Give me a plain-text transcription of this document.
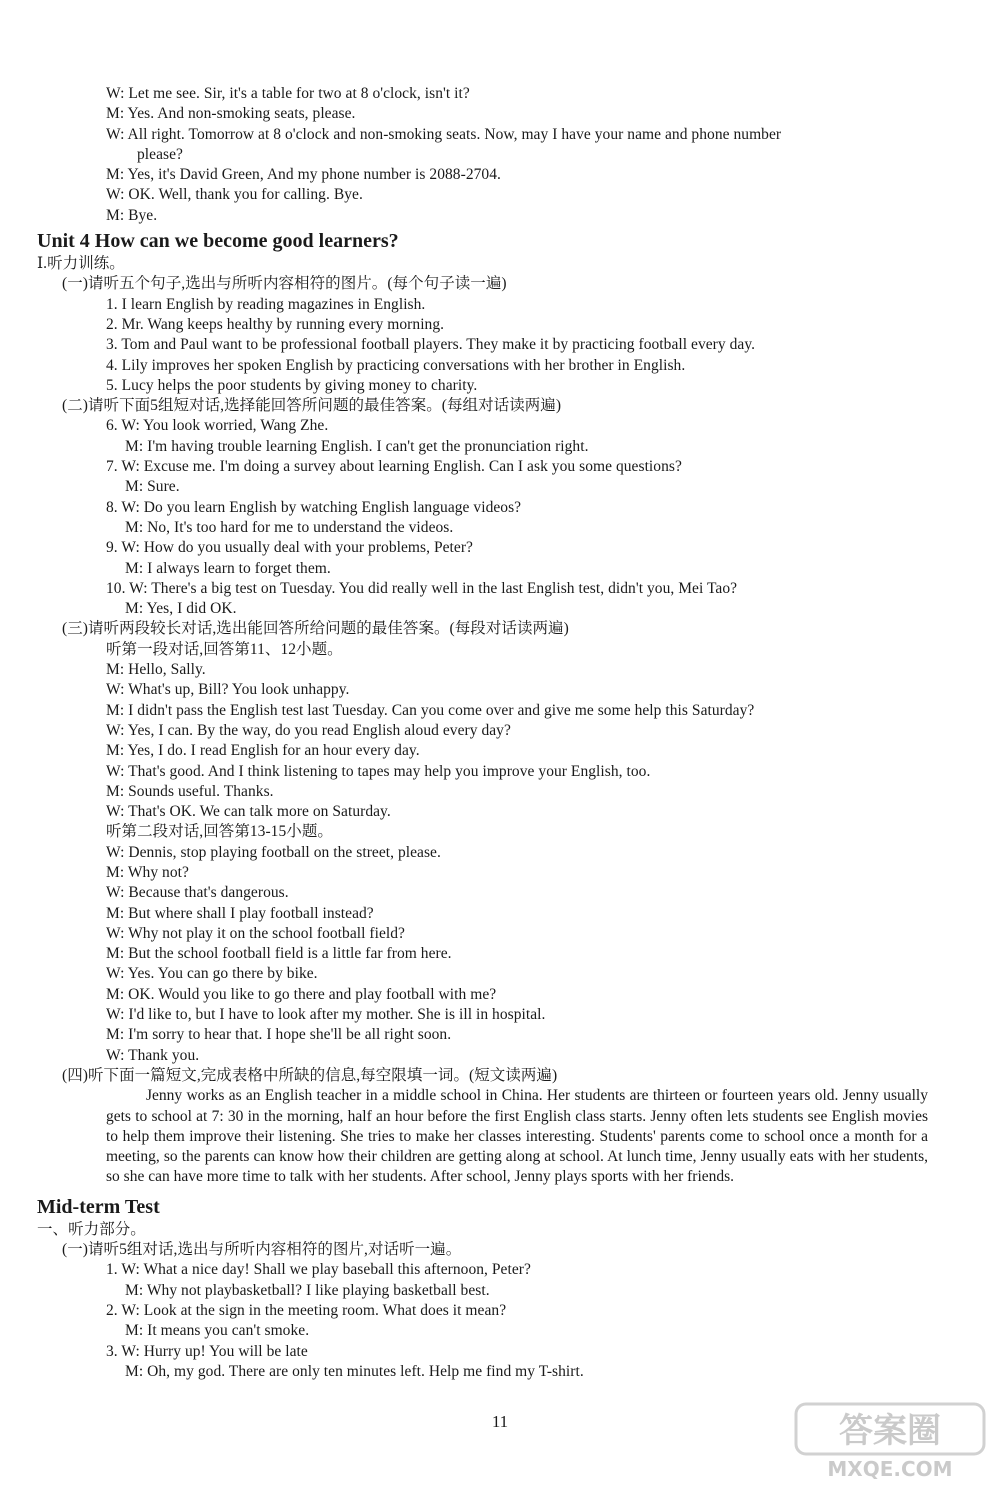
W: Let me see. Sir, it's a table for two at 8 o'clock, isn't it?
M: Yes. And non-smoking seats, please.
W: All right. Tomorrow at 8 o'clock and non-smoking seats. Now, may I have your name and phone number
please?
M: Yes, it's David Green, And my phone number is 2088-2704.
W: OK. Well, thank you for calling. Bye.
M: Bye.
Unit 4 How can we become good learners?
Ⅰ.听力训练。
(一)请听五个句子,选出与所听内容相符的图片。(每个句子读一遍)
1. I learn English by reading magazines in English.
2. Mr. Wang keeps healthy by running every morning.
3. Tom and Paul want to be professional football players. They make it by practicing football every day.
4. Lily improves her spoken English by practicing conversations with her brother in English.
5. Lucy helps the poor students by giving money to charity.
(二)请听下面5组短对话,选择能回答所问题的最佳答案。(每组对话读两遍)
6. W: You look worried, Wang Zhe.
M: I'm having trouble learning English. I can't get the pronunciation right.
7. W: Excuse me. I'm doing a survey about learning English. Can I ask you some questions?
M: Sure.
8. W: Do you learn English by watching English language videos?
M: No, It's too hard for me to understand the videos.
9. W: How do you usually deal with your problems, Peter?
M: I always learn to forget them.
10. W: There's a big test on Tuesday. You did really well in the last English test, didn't you, Mei Tao?
M: Yes, I did OK.
(三)请听两段较长对话,选出能回答所给问题的最佳答案。(每段对话读两遍)
听第一段对话,回答第11、12小题。
M: Hello, Sally.
W: What's up, Bill? You look unhappy.
M: I didn't pass the English test last Tuesday. Can you come over and give me some help this Saturday?
W: Yes, I can. By the way, do you read English aloud every day?
M: Yes, I do. I read English for an hour every day.
W: That's good. And I think listening to tapes may help you improve your English, too.
M: Sounds useful. Thanks.
W: That's OK. We can talk more on Saturday.
听第二段对话,回答第13-15小题。
W: Dennis, stop playing football on the street, please.
M: Why not?
W: Because that's dangerous.
M: But where shall I play football instead?
W: Why not play it on the school football field?
M: But the school football field is a little far from here.
W: Yes. You can go there by bike.
M: OK. Would you like to go there and play football with me?
W: I'd like to, but I have to look after my mother. She is ill in hospital.
M: I'm sorry to hear that. I hope she'll be all right soon.
W: Thank you.
(四)听下面一篇短文,完成表格中所缺的信息,每空限填一词。(短文读两遍)
Jenny works as an English teacher in a middle school in China. Her students are thirteen or fourteen years old. Jenny usually gets to school at 7: 30 in the morning, half an hour before the first English class starts. Jenny often lets students see English movies to help them improve their listening. She tries to make her classes interesting. Students' parents come to school once a month for a meeting, so the parents can know how their children are getting along at school. At lunch time, Jenny usually eats with her students, so she can have more time to talk with her students. After school, Jenny plays sports with her friends.
Mid-term Test
一、听力部分。
(一)请听5组对话,选出与所听内容相符的图片,对话听一遍。
1. W: What a nice day! Shall we play baseball this afternoon, Peter?
M: Why not playbasketball? I like playing basketball best.
2. W: Look at the sign in the meeting room. What does it mean?
M: It means you can't smoke.
3. W: Hurry up! You will be late
M: Oh, my god. There are only ten minutes left. Help me find my T-shirt.
11	答案圈
MXQE.COM
